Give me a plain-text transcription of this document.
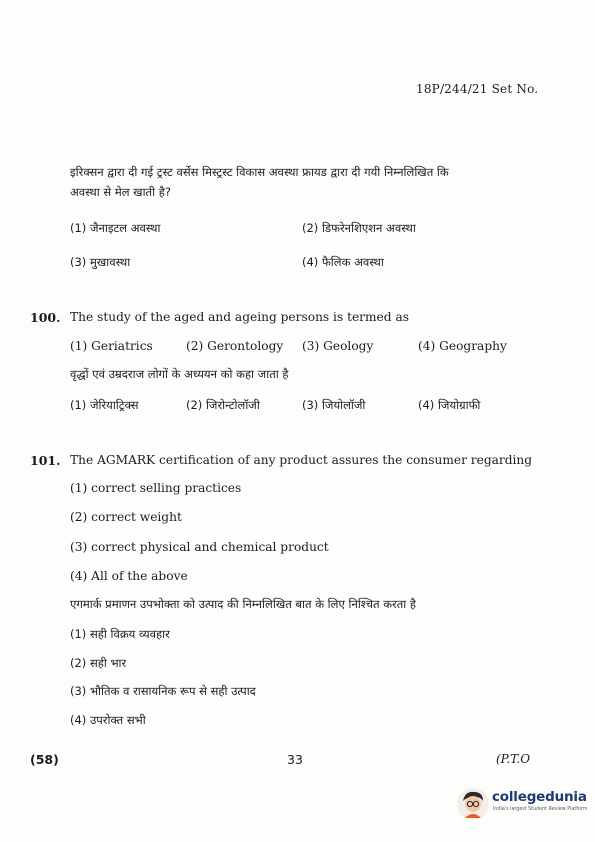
18P/244/21 Set No.
इरिक्सन द्वारा दी गई ट्रस्ट वर्सेस मिस्ट्रस्ट विकास अवस्था फ्रायड द्वारा दी गयी निम्नलिखित कि
अवस्था से मेल खाती है?
(1) जैनाइटल अवस्था	(2) डिफरेनशिएशन अवस्था
(3) मुखावस्था	(4) फैलिक अवस्था
100. The study of the aged and ageing persons is termed as
(1) Geriatrics	(2) Gerontology (3) Geology	(4) Geography
वृद्धों एवं उम्रदराज लोगों के अध्ययन को कहा जाता है
(1) जेरियाट्रिक्स	(2) जिरोन्टोलॉजी	(3) जियोलॉजी	(4) जियोग्राफी
101. The AGMARK certification of any product assures the consumer regarding
(1) correct selling practices
(2) correct weight
(3) correct physical and chemical product
(4) All of the above
एगमार्क प्रमाणन उपभोक्ता को उत्पाद की निम्नलिखित बात के लिए निश्चित करता है
(1) सही विक्रय व्यवहार
(2) सही भार
(3) भौतिक व रासायनिक रूप से सही उत्पाद
(4) उपरोक्त सभी
(58)	33	(P.T.O
collegedunia
India's largest Student Review Platform
